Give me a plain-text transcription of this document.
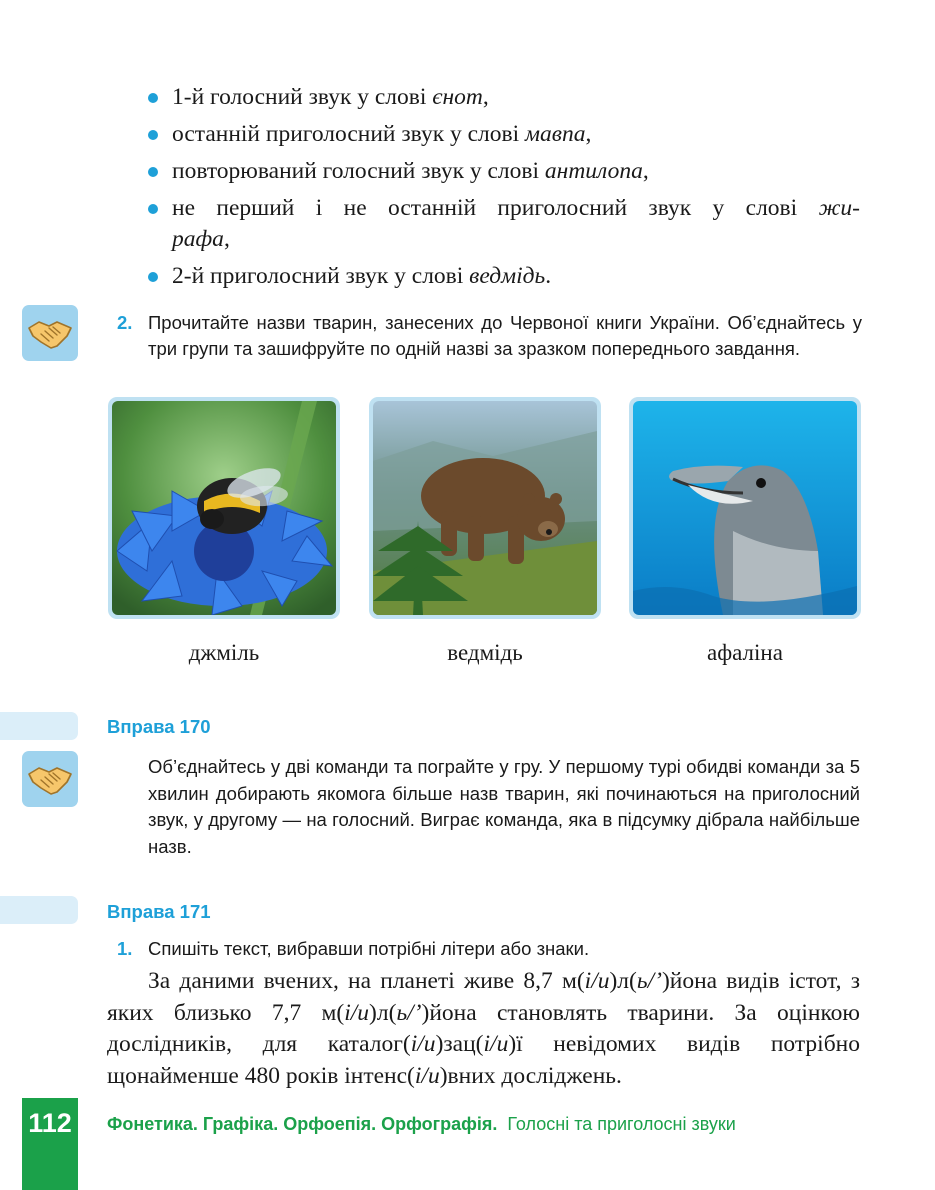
1-й голосний звук у слові єнот,
останній приголосний звук у слові мавпа,
повторюваний голосний звук у слові антилопа,
не перший і не останній приголосний звук у слові жи-
рафа,
2-й приголосний звук у слові ведмідь.
2. Прочитайте назви тварин, занесених до Червоної книги України. Об’єднайтесь у три групи та зашифруйте по одній назві за зразком попереднього завдання.
джміль	ведмідь	афаліна
Вправа 170
Об’єднайтесь у дві команди та пограйте у гру. У першому турі обидві команди за 5 хвилин добирають якомога більше назв тварин, які починаються на приголосний звук, у другому — на голосний. Виграє команда, яка в підсумку дібрала найбільше назв.
Вправа 171
1. Спишіть текст, вибравши потрібні літери або знаки.
За даними вчених, на планеті живе 8,7 м(і/и)л(ь/’)йона видів істот, з яких близько 7,7 м(і/и)л(ь/’)йона становлять тварини. За оцінкою дослідників, для каталог(і/и)зац(і/и)ї невідомих видів потрібно щонайменше 480 років інтенс(і/и)вних досліджень.
112	Фонетика. Графіка. Орфоепія. Орфографія. Голосні та приголосні звуки
